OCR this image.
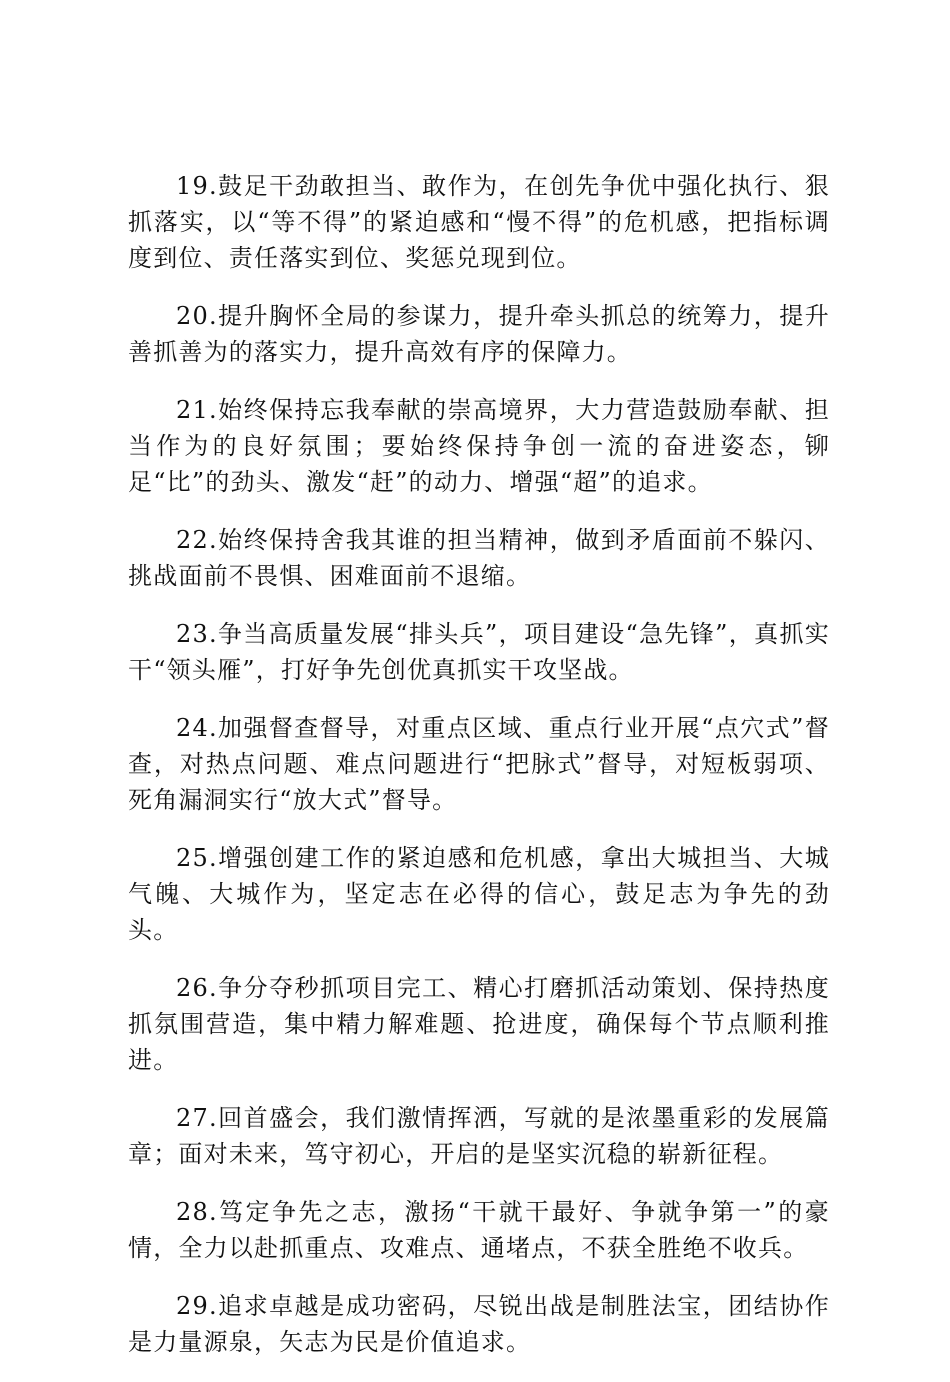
19.鼓足干劲敢担当、敢作为，在创先争优中强化执行、狠抓落实，以“等不得”的紧迫感和“慢不得”的危机感，把指标调度到位、责任落实到位、奖惩兑现到位。

20.提升胸怀全局的参谋力，提升牵头抓总的统筹力，提升善抓善为的落实力，提升高效有序的保障力。

21.始终保持忘我奉献的崇高境界，大力营造鼓励奉献、担当作为的良好氛围；要始终保持争创一流的奋进姿态，铆足“比”的劲头、激发“赶”的动力、增强“超”的追求。

22.始终保持舍我其谁的担当精神，做到矛盾面前不躲闪、挑战面前不畏惧、困难面前不退缩。

23.争当高质量发展“排头兵”，项目建设“急先锋”，真抓实干“领头雁”，打好争先创优真抓实干攻坚战。

24.加强督查督导，对重点区域、重点行业开展“点穴式”督查，对热点问题、难点问题进行“把脉式”督导，对短板弱项、死角漏洞实行“放大式”督导。

25.增强创建工作的紧迫感和危机感，拿出大城担当、大城气魄、大城作为，坚定志在必得的信心，鼓足志为争先的劲头。

26.争分夺秒抓项目完工、精心打磨抓活动策划、保持热度抓氛围营造，集中精力解难题、抢进度，确保每个节点顺利推进。

27.回首盛会，我们激情挥洒，写就的是浓墨重彩的发展篇章；面对未来，笃守初心，开启的是坚实沉稳的崭新征程。

28.笃定争先之志，激扬“干就干最好、争就争第一”的豪情，全力以赴抓重点、攻难点、通堵点，不获全胜绝不收兵。

29.追求卓越是成功密码，尽锐出战是制胜法宝，团结协作是力量源泉，矢志为民是价值追求。
